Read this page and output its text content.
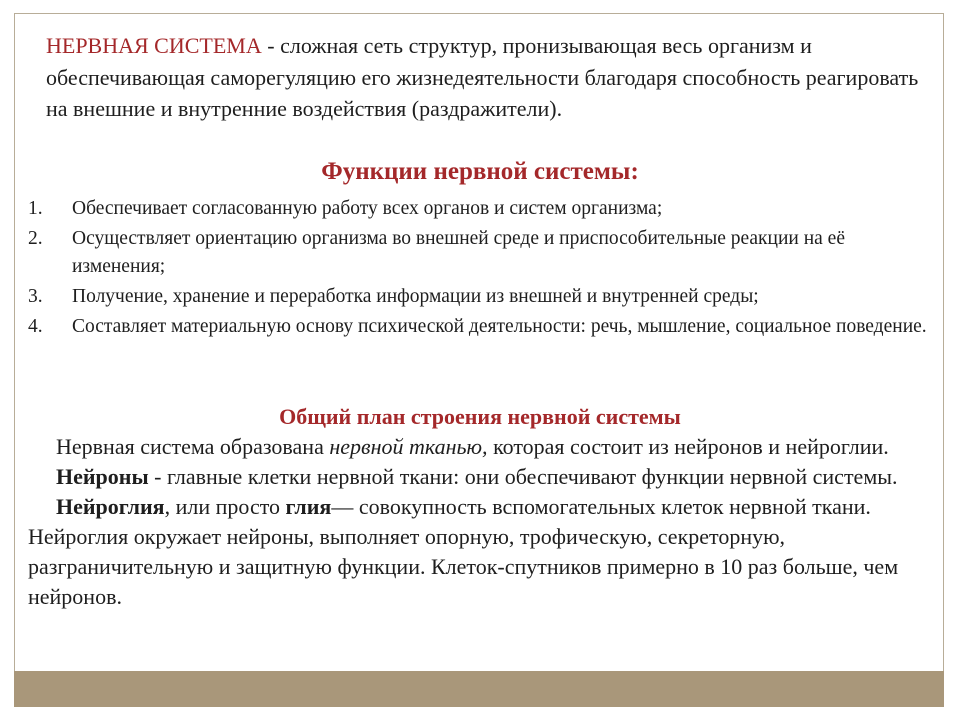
НЕРВНАЯ СИСТЕМА - сложная сеть структур, пронизывающая весь организм и обеспечивающая саморегуляцию его жизнедеятельности благодаря способность реагировать на внешние и внутренние воздействия (раздражители).

Функции нервной системы:
1.	Обеспечивает согласованную работу всех органов и систем организма;
2.	Осуществляет ориентацию организма во внешней среде и приспособительные реакции на её изменения;
3.	Получение, хранение и переработка информации из внешней и внутренней среды;
4.	Составляет материальную основу психической деятельности: речь, мышление, социальное поведение.
Общий план строения нервной системы

Нервная система образована нервной тканью, которая состоит из нейронов и нейроглии.

Нейроны - главные клетки нервной ткани: они обеспечивают функции нервной системы.

Нейроглия, или просто глия— совокупность вспомогательных клеток нервной ткани. Нейроглия окружает нейроны, выполняет опорную, трофическую, секреторную, разграничительную и защитную функции. Клеток-спутников примерно в 10 раз больше, чем нейронов.
